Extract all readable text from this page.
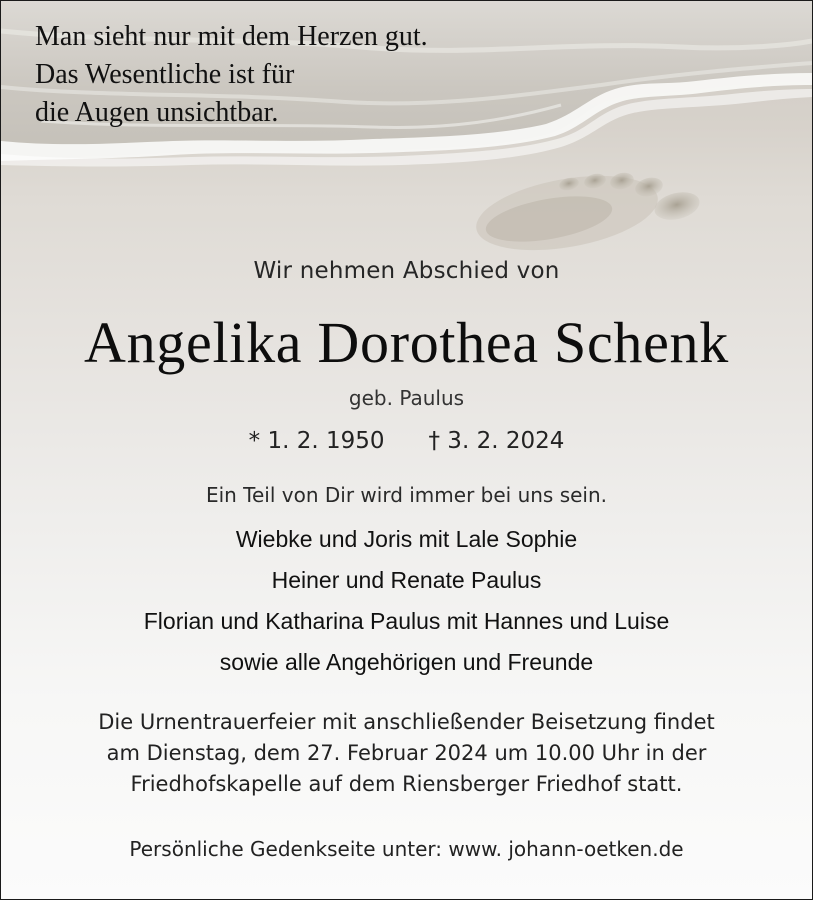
Man sieht nur mit dem Herzen gut.
Das Wesentliche ist für
die Augen unsichtbar.
Wir nehmen Abschied von
Angelika Dorothea Schenk
geb. Paulus
* 1. 2. 1950 † 3. 2. 2024
Ein Teil von Dir wird immer bei uns sein.
Wiebke und Joris mit Lale Sophie
Heiner und Renate Paulus
Florian und Katharina Paulus mit Hannes und Luise
sowie alle Angehörigen und Freunde
Die Urnentrauerfeier mit anschließender Beisetzung findet
am Dienstag, dem 27. Februar 2024 um 10.00 Uhr in der
Friedhofskapelle auf dem Riensberger Friedhof statt.
Persönliche Gedenkseite unter: www. johann-oetken.de
